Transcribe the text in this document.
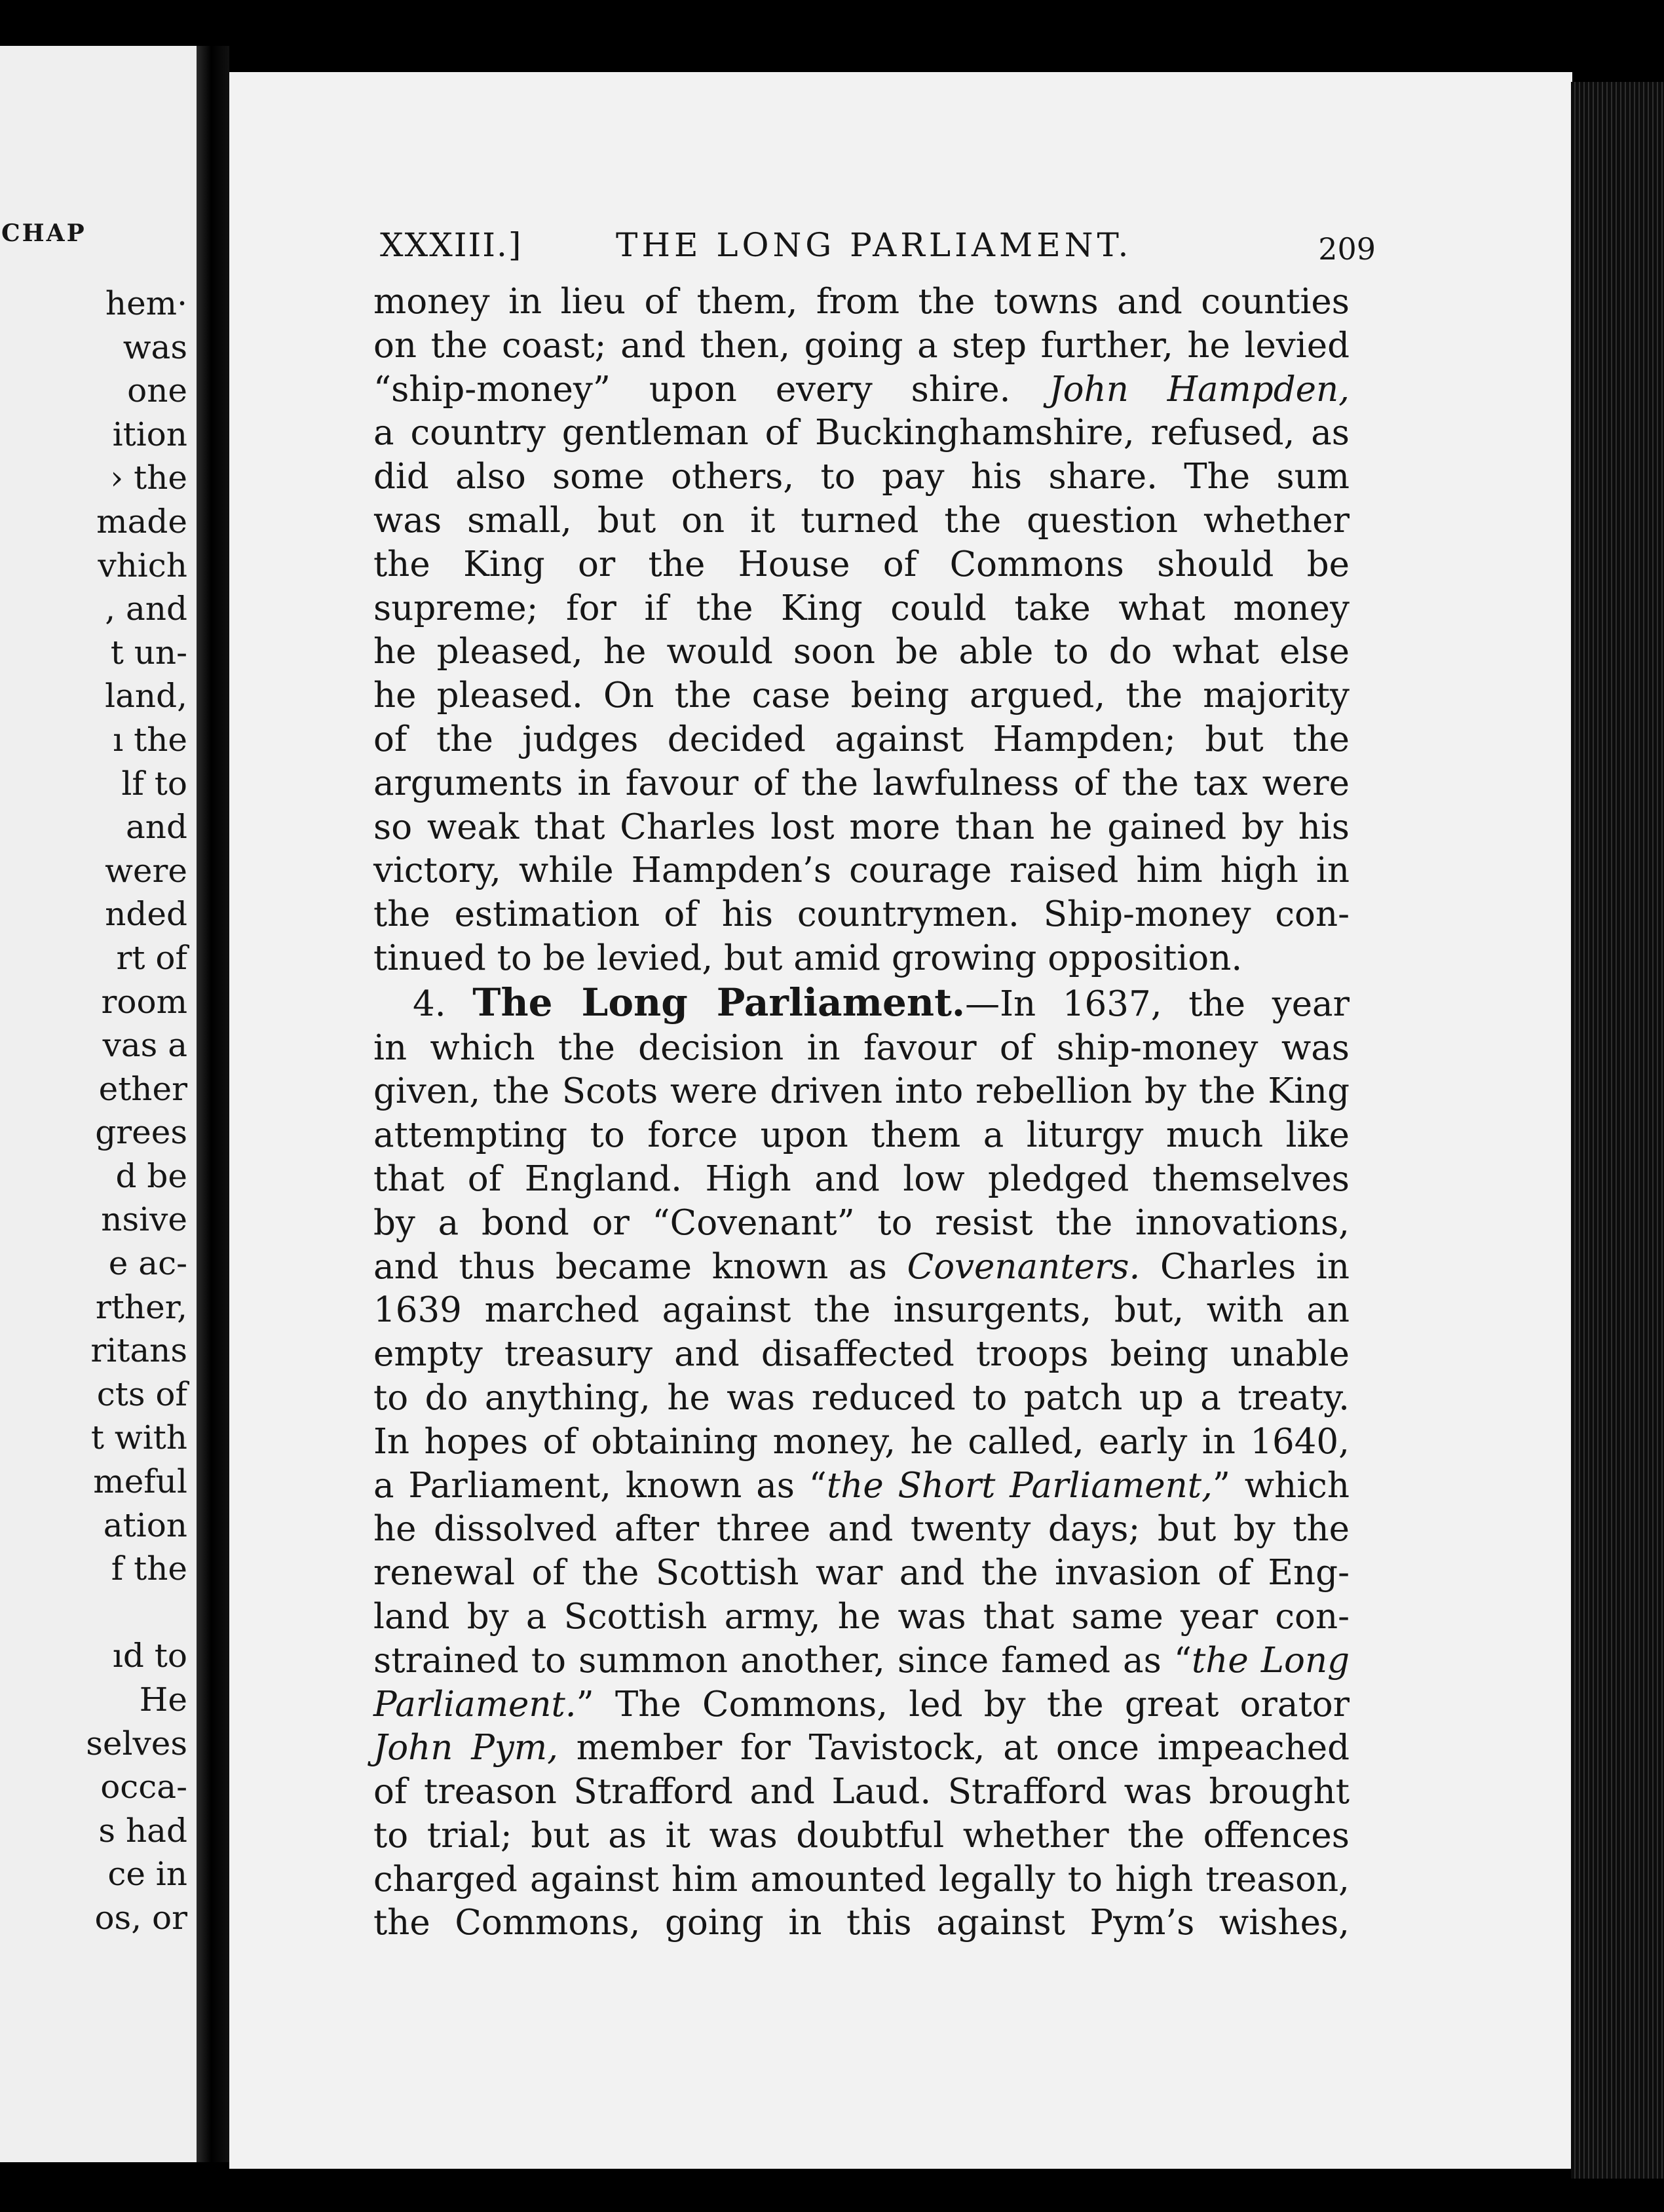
CHAP
hem·
was
one
ition
› the
made
vhich
, and
t un-
land,
ı the
lf to
and
were
nded
rt of
room
vas a
ether
grees
d be
nsive
e ac-
rther,
ritans
cts of
t with
meful
ation
f the

ıd to
He
selves
occa-
s had
ce in
os, or
XXXIII.]	THE LONG PARLIAMENT.	209
money in lieu of them, from the towns and counties
on the coast; and then, going a step further, he levied
“ship-money” upon every shire. John Hampden,
a country gentleman of Buckinghamshire, refused, as
did also some others, to pay his share. The sum
was small, but on it turned the question whether
the King or the House of Commons should be
supreme; for if the King could take what money
he pleased, he would soon be able to do what else
he pleased. On the case being argued, the majority
of the judges decided against Hampden; but the
arguments in favour of the lawfulness of the tax were
so weak that Charles lost more than he gained by his
victory, while Hampden’s courage raised him high in
the estimation of his countrymen. Ship-money con-
tinued to be levied, but amid growing opposition.
4. The Long Parliament.—In 1637, the year
in which the decision in favour of ship-money was
given, the Scots were driven into rebellion by the King
attempting to force upon them a liturgy much like
that of England. High and low pledged themselves
by a bond or “Covenant” to resist the innovations,
and thus became known as Covenanters. Charles in
1639 marched against the insurgents, but, with an
empty treasury and disaffected troops being unable
to do anything, he was reduced to patch up a treaty.
In hopes of obtaining money, he called, early in 1640,
a Parliament, known as “the Short Parliament,” which
he dissolved after three and twenty days; but by the
renewal of the Scottish war and the invasion of Eng-
land by a Scottish army, he was that same year con-
strained to summon another, since famed as “the Long
Parliament.” The Commons, led by the great orator
John Pym, member for Tavistock, at once impeached
of treason Strafford and Laud. Strafford was brought
to trial; but as it was doubtful whether the offences
charged against him amounted legally to high treason,
the Commons, going in this against Pym’s wishes,
